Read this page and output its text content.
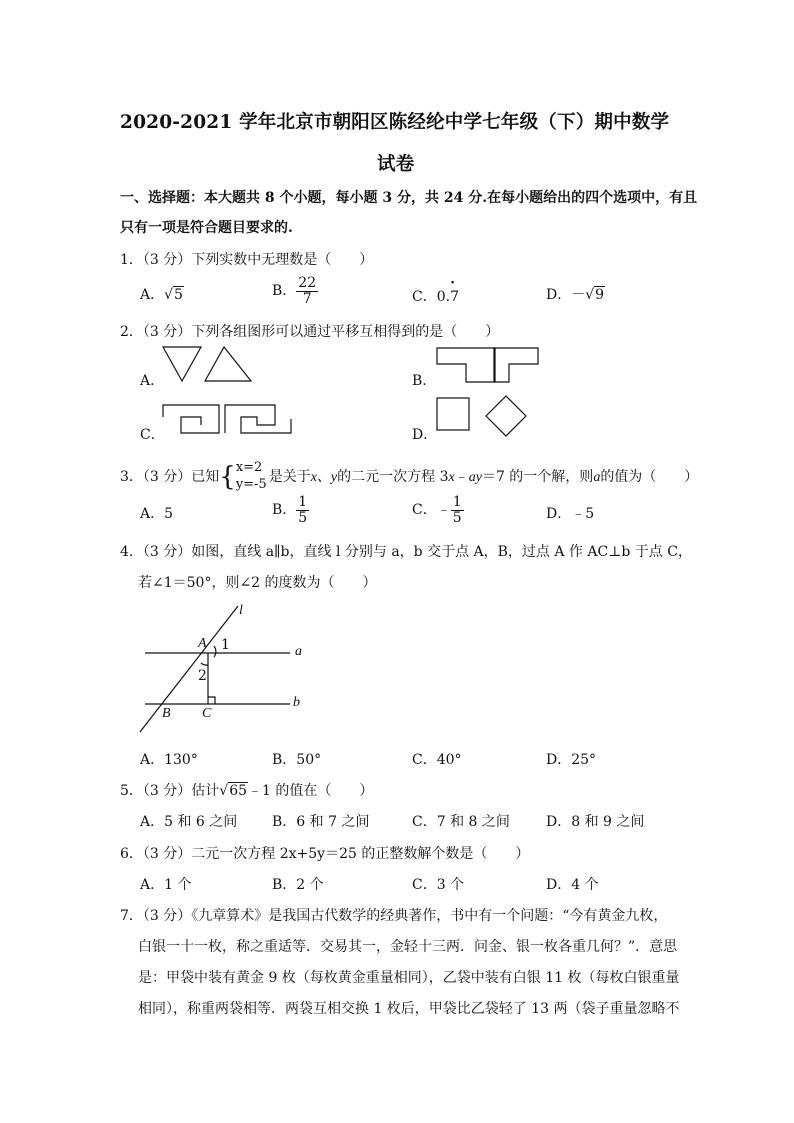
2020-2021 学年北京市朝阳区陈经纶中学七年级（下）期中数学
试卷
一、选择题：本大题共 8 个小题，每小题 3 分，共 24 分.在每小题给出的四个选项中，有且
只有一项是符合题目要求的.
1．（3 分）下列实数中无理数是（　　）
A．√5	B． $\frac{22}{7}$	C．0.7
·
D．－√9
2．（3 分）下列各组图形可以通过平移互相得到的是（　　）
A．	B．
C．	D．
3．（3 分）已知{ x=2
y=-5 是关于x、y的二元一次方程 3x﹣ay＝7 的一个解，则a的值为（　　）
A．5	B． $\frac{1}{5}$	C．﹣ $\frac{1}{5}$	D．﹣5
4．（3 分）如图，直线 a∥b，直线 l 分别与 a，b 交于点 A，B，过点 A 作 AC⊥b 于点 C，
若∠1＝50°，则∠2 的度数为（　　）
l
a
b
A 1
2
B C
A．130°	B．50°	C．40°	D．25°
5．（3 分）估计√65﹣1 的值在（　　）
A．5 和 6 之间 B．6 和 7 之间	C．7 和 8 之间	D．8 和 9 之间
6．（3 分）二元一次方程 2x+5y＝25 的正整数解个数是（　　）
A．1 个	B．2 个	C．3 个	D．4 个
7．（3 分）《九章算术》是我国古代数学的经典著作，书中有一个问题：“今有黄金九枚，
白银一十一枚，称之重适等．交易其一，金轻十三两．问金、银一枚各重几何？”．意思
是：甲袋中装有黄金 9 枚（每枚黄金重量相同），乙袋中装有白银 11 枚（每枚白银重量
相同），称重两袋相等．两袋互相交换 1 枚后，甲袋比乙袋轻了 13 两（袋子重量忽略不
